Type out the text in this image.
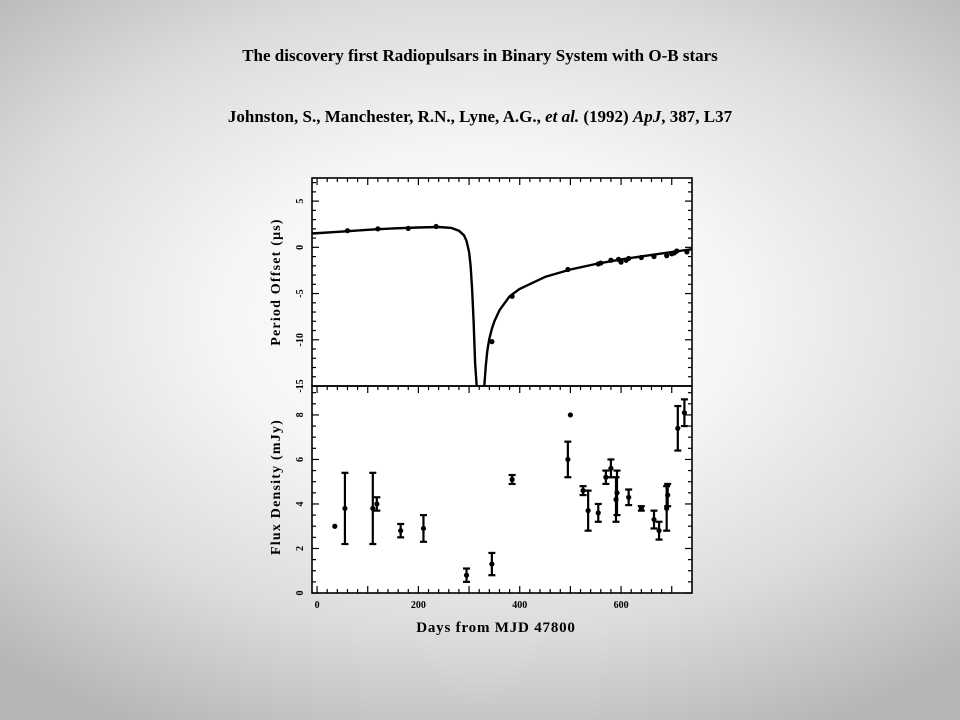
The discovery first Radiopulsars in Binary System with O-B stars
Johnston, S., Manchester, R.N., Lyne, A.G., et al. (1992) ApJ, 387, L37
-15
-10
-5
0
5
Period Offset (μs)
0
2
4
6
8
0	200	400	600
Flux Density (mJy)
Days from MJD 47800
